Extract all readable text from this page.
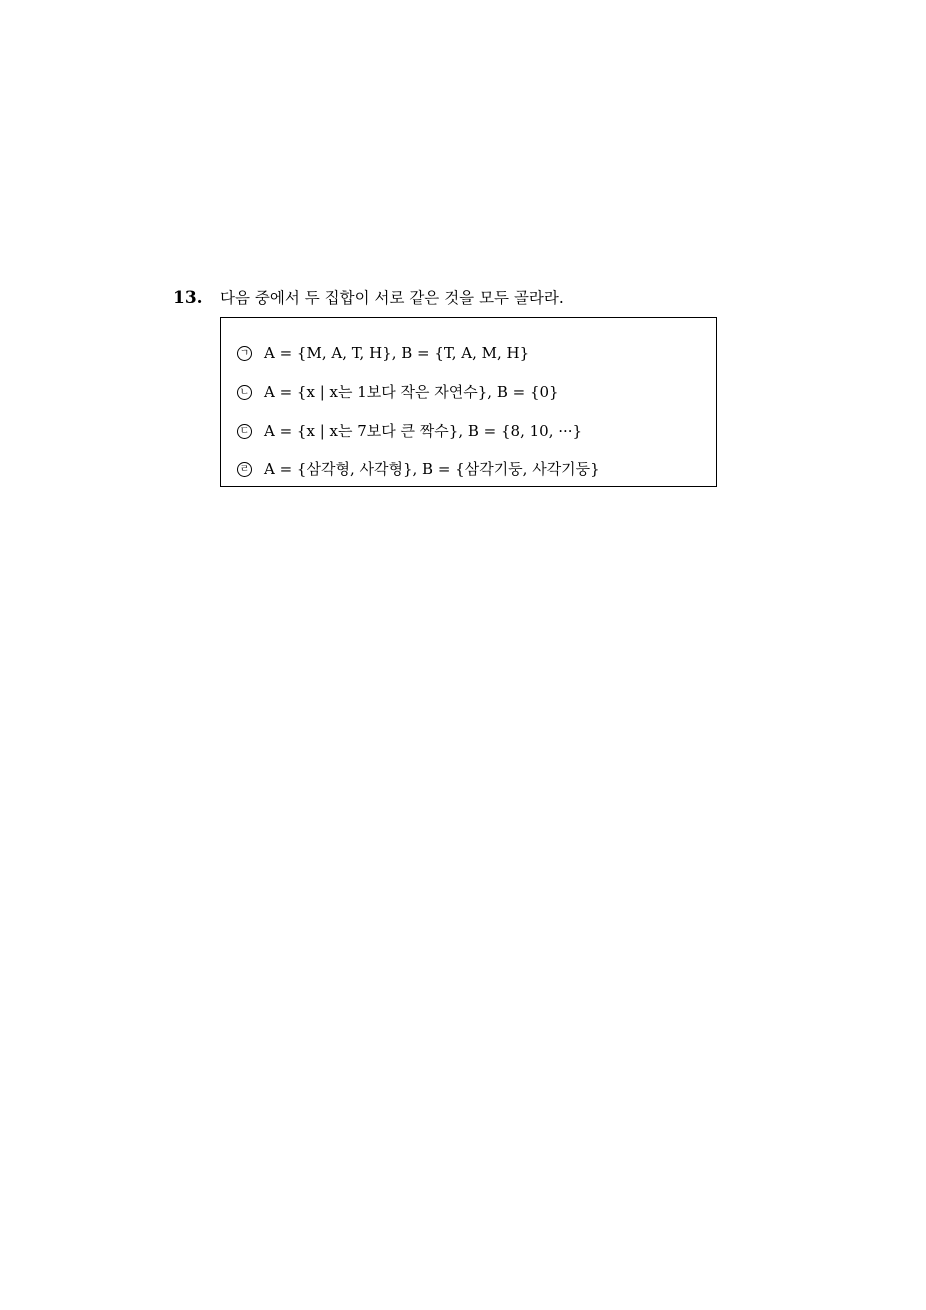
13. 다음 중에서 두 집합이 서로 같은 것을 모두 골라라.
ㄱ A = {M, A, T, H}, B = {T, A, M, H}
ㄴ A = {x | x는 1보다 작은 자연수}, B = {0}
ㄷ A = {x | x는 7보다 큰 짝수}, B = {8, 10, ···}
ㄹ A = {삼각형, 사각형}, B = {삼각기둥, 사각기둥}
